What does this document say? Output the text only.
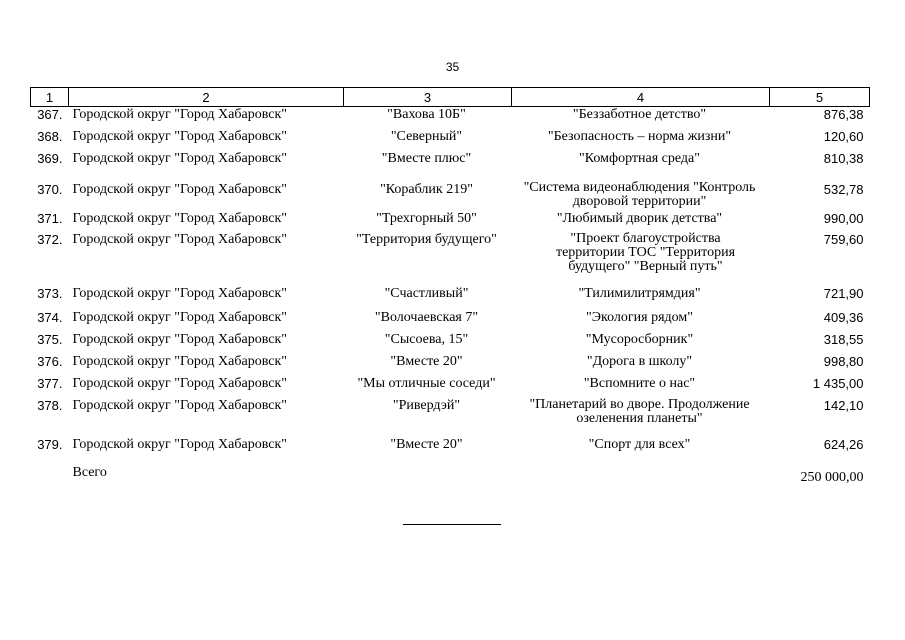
35
1	2	3	4	5
367.	Городской округ "Город Хабаровск"	"Вахова 10Б"	"Беззаботное детство"	876,38
368.	Городской округ "Город Хабаровск"	"Северный"	"Безопасность – норма жизни"	120,60
369.	Городской округ "Город Хабаровск"	"Вместе плюс"	"Комфортная среда"	810,38
370.	Городской округ "Город Хабаровск"	"Кораблик 219"	"Система видеонаблюдения "Контроль дворовой территории"	532,78
371.	Городской округ "Город Хабаровск"	"Трехгорный 50"	"Любимый дворик детства"	990,00
372.	Городской округ "Город Хабаровск"	"Территория будущего"	"Проект благоустройства территории ТОС "Территория будущего" "Верный путь"	759,60
373.	Городской округ "Город Хабаровск"	"Счастливый"	"Тилимилитрямдия"	721,90
374.	Городской округ "Город Хабаровск"	"Волочаевская 7"	"Экология рядом"	409,36
375.	Городской округ "Город Хабаровск"	"Сысоева, 15"	"Мусоросборник"	318,55
376.	Городской округ "Город Хабаровск"	"Вместе 20"	"Дорога в школу"	998,80
377.	Городской округ "Город Хабаровск"	"Мы отличные соседи"	"Вспомните о нас"	1 435,00
378.	Городской округ "Город Хабаровск"	"Ривердэй"	"Планетарий во дворе. Продолжение озеленения планеты"	142,10
379.	Городской округ "Город Хабаровск"	"Вместе 20"	"Спорт для всех"	624,26
	Всего			250 000,00
